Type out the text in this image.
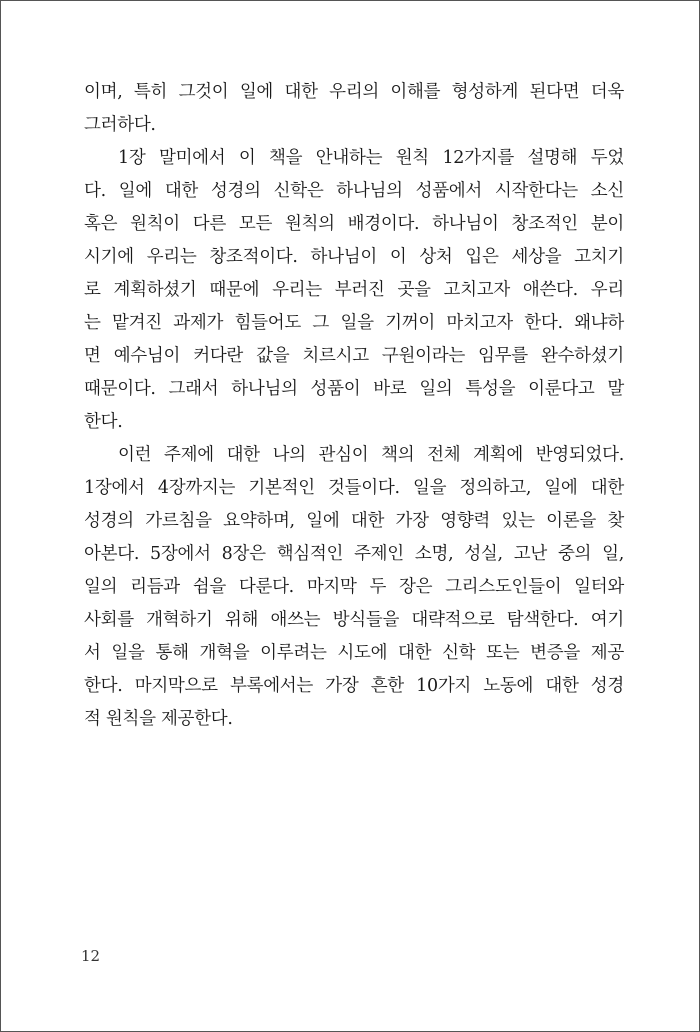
이며, 특히 그것이 일에 대한 우리의 이해를 형성하게 된다면 더욱
그러하다.
1장 말미에서 이 책을 안내하는 원칙 12가지를 설명해 두었
다. 일에 대한 성경의 신학은 하나님의 성품에서 시작한다는 소신
혹은 원칙이 다른 모든 원칙의 배경이다. 하나님이 창조적인 분이
시기에 우리는 창조적이다. 하나님이 이 상처 입은 세상을 고치기
로 계획하셨기 때문에 우리는 부러진 곳을 고치고자 애쓴다. 우리
는 맡겨진 과제가 힘들어도 그 일을 기꺼이 마치고자 한다. 왜냐하
면 예수님이 커다란 값을 치르시고 구원이라는 임무를 완수하셨기
때문이다. 그래서 하나님의 성품이 바로 일의 특성을 이룬다고 말
한다.
이런 주제에 대한 나의 관심이 책의 전체 계획에 반영되었다.
1장에서 4장까지는 기본적인 것들이다. 일을 정의하고, 일에 대한
성경의 가르침을 요약하며, 일에 대한 가장 영향력 있는 이론을 찾
아본다. 5장에서 8장은 핵심적인 주제인 소명, 성실, 고난 중의 일,
일의 리듬과 쉼을 다룬다. 마지막 두 장은 그리스도인들이 일터와
사회를 개혁하기 위해 애쓰는 방식들을 대략적으로 탐색한다. 여기
서 일을 통해 개혁을 이루려는 시도에 대한 신학 또는 변증을 제공
한다. 마지막으로 부록에서는 가장 흔한 10가지 노동에 대한 성경
적 원칙을 제공한다.
12
